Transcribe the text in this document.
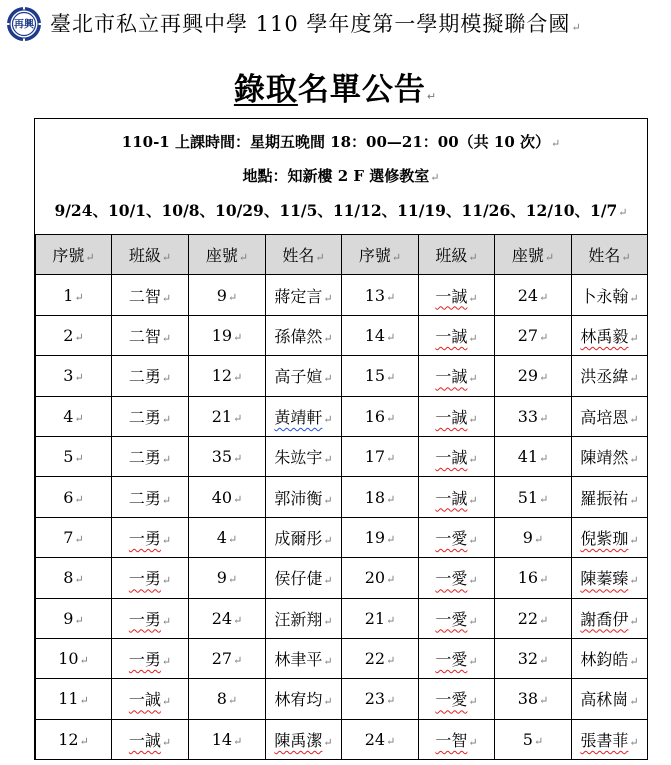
再興 臺北市私立再興中學 110 學年度第一學期模擬聯合國↵
錄取名單公告↵
110-1 上課時間：星期五晚間 18：00—21：00（共 10 次）↵
地點：知新樓 2 F 選修教室↵
9/24、10/1、10/8、10/29、11/5、11/12、11/19、11/26、12/10、1/7↵
序號↵	班級↵	座號↵	姓名↵	序號↵	班級↵	座號↵	姓名↵
1↵	二智↵	9↵	蔣定言↵	13↵	一誠↵	24↵	卜永翰↵
2↵	二智↵	19↵	孫偉然↵	14↵	一誠↵	27↵	林禹毅↵
3↵	二勇↵	12↵	高子媗↵	15↵	一誠↵	29↵	洪丞緯↵
4↵	二勇↵	21↵	黃靖軒↵	16↵	一誠↵	33↵	高培恩↵
5↵	二勇↵	35↵	朱竑宇↵	17↵	一誠↵	41↵	陳靖然↵
6↵	二勇↵	40↵	郭沛衡↵	18↵	一誠↵	51↵	羅振祐↵
7↵	一勇↵	4↵	成爾彤↵	19↵	一愛↵	9↵	倪紫珈↵
8↵	一勇↵	9↵	侯仔倢↵	20↵	一愛↵	16↵	陳蓁臻↵
9↵	一勇↵	24↵	汪新翔↵	21↵	一愛↵	22↵	謝喬伊↵
10↵	一勇↵	27↵	林聿平↵	22↵	一愛↵	32↵	林鈞皓↵
11↵	一誠↵	8↵	林宥均↵	23↵	一愛↵	38↵	高秫崗↵
12↵	一誠↵	14↵	陳禹潔↵	24↵	一智↵	5↵	張書菲↵
